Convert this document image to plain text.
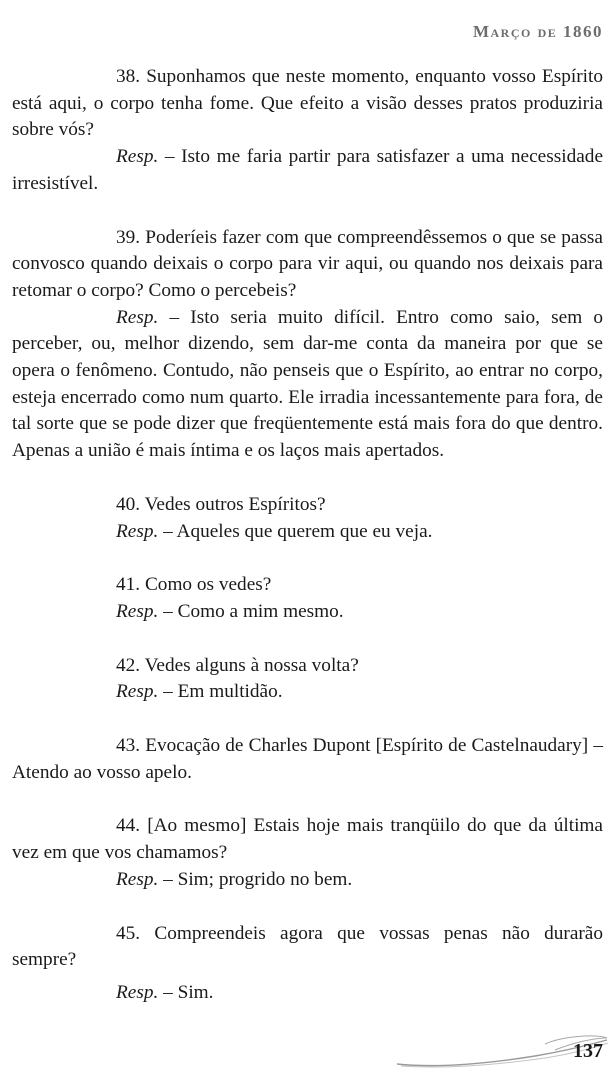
Março de 1860

38. Suponhamos que neste momento, enquanto vosso Espírito está aqui, o corpo tenha fome. Que efeito a visão desses pratos produziria sobre vós?

Resp. – Isto me faria partir para satisfazer a uma necessidade irresistível.

39. Poderíeis fazer com que compreendêssemos o que se passa convosco quando deixais o corpo para vir aqui, ou quando nos deixais para retomar o corpo? Como o percebeis?

Resp. – Isto seria muito difícil. Entro como saio, sem o perceber, ou, melhor dizendo, sem dar-me conta da maneira por que se opera o fenômeno. Contudo, não penseis que o Espírito, ao entrar no corpo, esteja encerrado como num quarto. Ele irradia incessantemente para fora, de tal sorte que se pode dizer que freqüentemente está mais fora do que dentro. Apenas a união é mais íntima e os laços mais apertados.

40. Vedes outros Espíritos?

Resp. – Aqueles que querem que eu veja.

41. Como os vedes?

Resp. – Como a mim mesmo.

42. Vedes alguns à nossa volta?

Resp. – Em multidão.

43. Evocação de Charles Dupont [Espírito de Castelnaudary] – Atendo ao vosso apelo.

44. [Ao mesmo] Estais hoje mais tranqüilo do que da última vez em que vos chamamos?

Resp. – Sim; progrido no bem.

45. Compreendeis agora que vossas penas não durarão sempre?

Resp. – Sim.

137
